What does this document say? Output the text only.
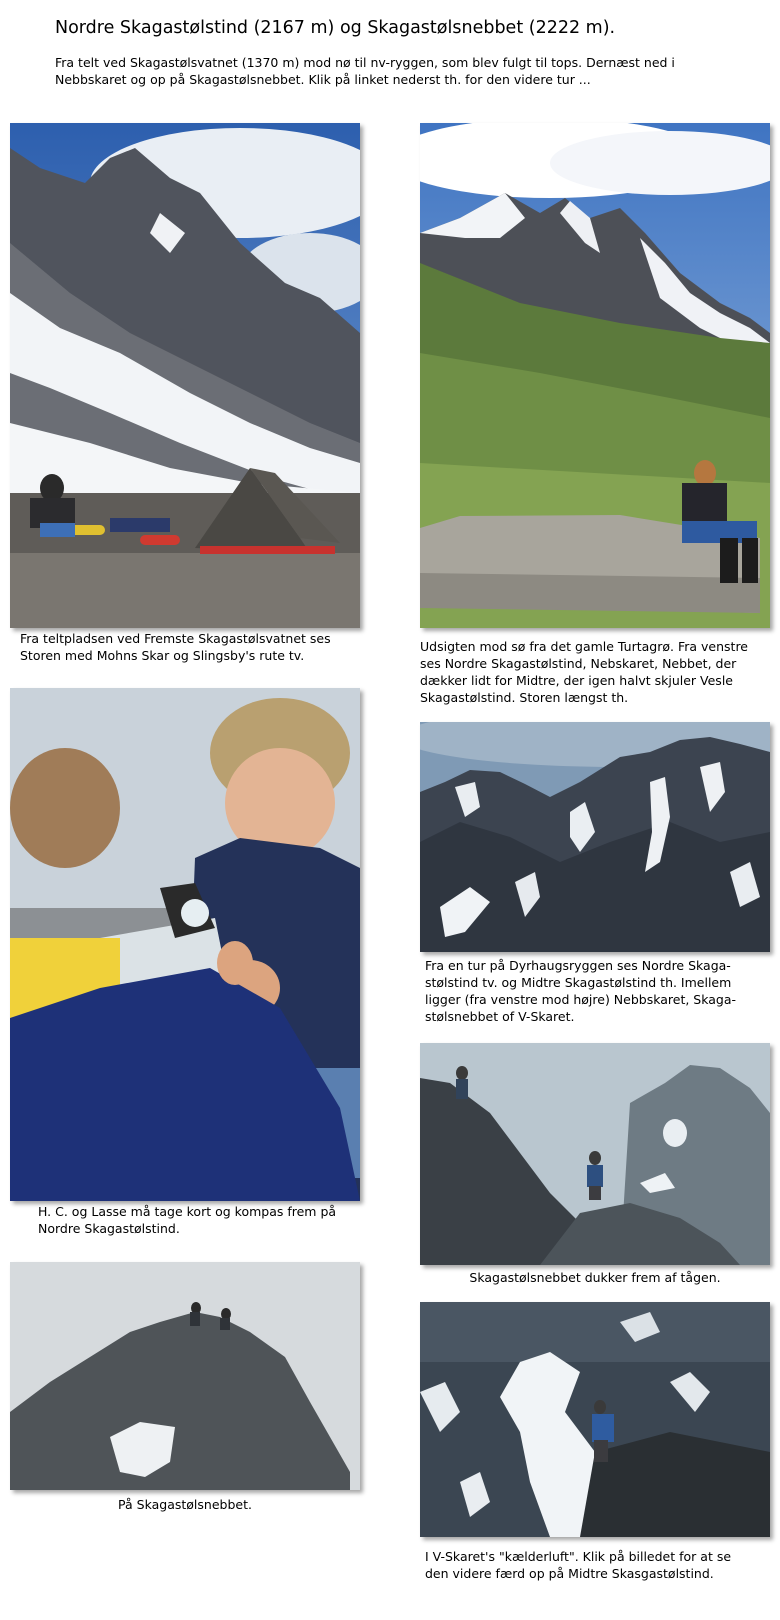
Nordre Skagastølstind (2167 m) og Skagastølsnebbet (2222 m).
Fra telt ved Skagastølsvatnet (1370 m) mod nø til nv-ryggen, som blev fulgt til tops. Dernæst ned i
Nebbskaret og op på Skagastølsnebbet. Klik på linket nederst th. for den videre tur ...
Fra teltpladsen ved Fremste Skagastølsvatnet ses
Storen med Mohns Skar og Slingsby's rute tv.
Udsigten mod sø fra det gamle Turtagrø. Fra venstre
ses Nordre Skagastølstind, Nebskaret, Nebbet, der
dækker lidt for Midtre, der igen halvt skjuler Vesle
Skagastølstind. Storen længst th.
H. C. og Lasse må tage kort og kompas frem på
Nordre Skagastølstind.
Fra en tur på Dyrhaugsryggen ses Nordre Skaga-
stølstind tv. og Midtre Skagastølstind th. Imellem
ligger (fra venstre mod højre) Nebbskaret, Skaga-
stølsnebbet of V-Skaret.
Skagastølsnebbet dukker frem af tågen.
På Skagastølsnebbet.
I V-Skaret's "kælderluft". Klik på billedet for at se
den videre færd op på Midtre Skasgastølstind.
